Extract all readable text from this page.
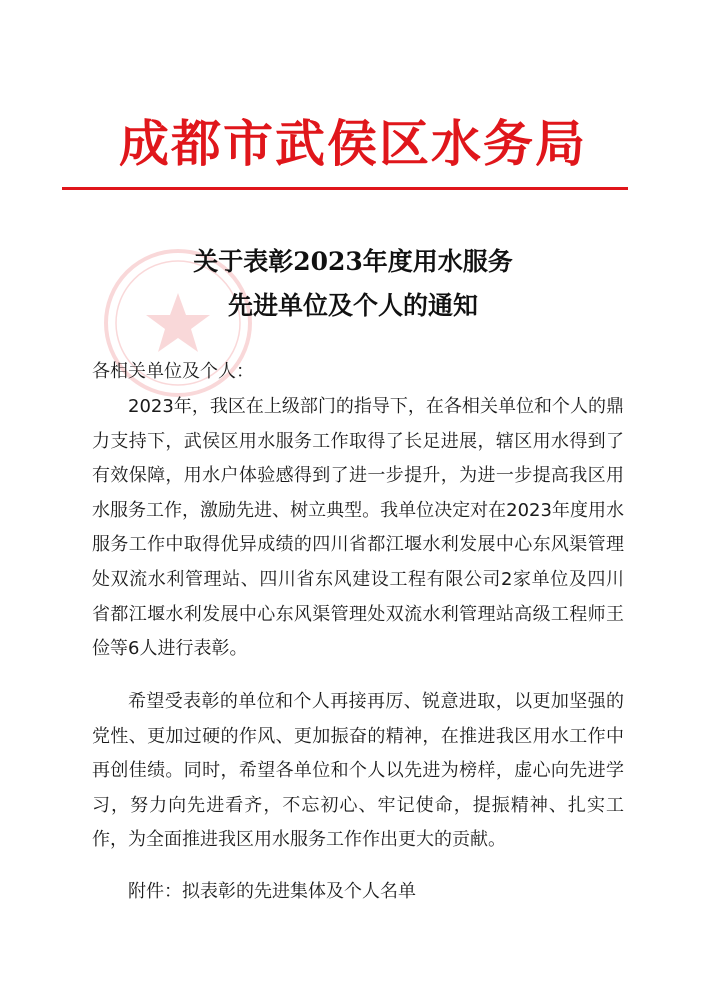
成都市武侯区水务局
关于表彰2023年度用水服务
先进单位及个人的通知
各相关单位及个人：
2023年，我区在上级部门的指导下，在各相关单位和个人的鼎力支持下，武侯区用水服务工作取得了长足进展，辖区用水得到了有效保障，用水户体验感得到了进一步提升，为进一步提高我区用水服务工作，激励先进、树立典型。我单位决定对在2023年度用水服务工作中取得优异成绩的四川省都江堰水利发展中心东风渠管理处双流水利管理站、四川省东风建设工程有限公司2家单位及四川省都江堰水利发展中心东风渠管理处双流水利管理站高级工程师王俭等6人进行表彰。
希望受表彰的单位和个人再接再厉、锐意进取，以更加坚强的党性、更加过硬的作风、更加振奋的精神，在推进我区用水工作中再创佳绩。同时，希望各单位和个人以先进为榜样，虚心向先进学习，努力向先进看齐，不忘初心、牢记使命，提振精神、扎实工作，为全面推进我区用水服务工作作出更大的贡献。
附件：拟表彰的先进集体及个人名单
